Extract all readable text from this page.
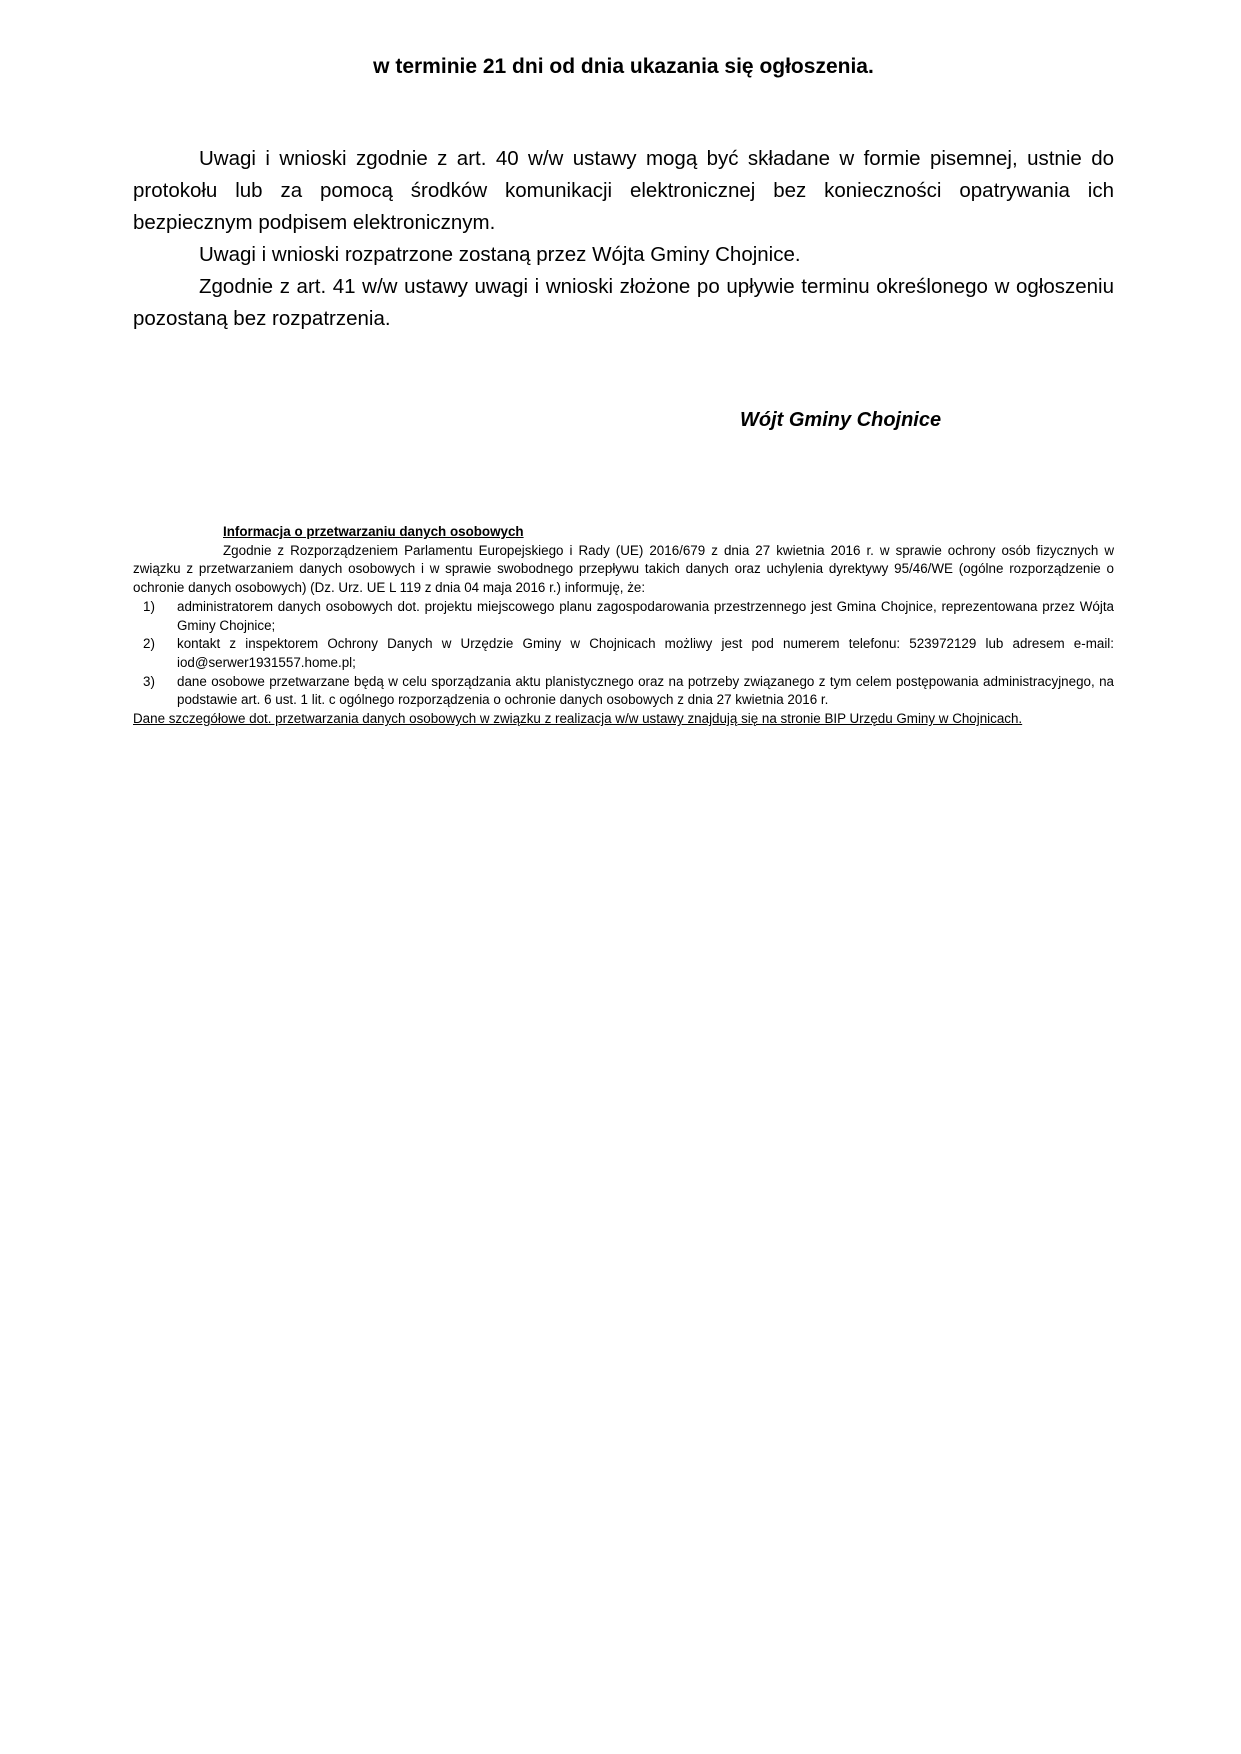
w terminie 21 dni od dnia ukazania się ogłoszenia.

Uwagi i wnioski zgodnie z art. 40 w/w ustawy mogą być składane w formie pisemnej, ustnie do protokołu lub za pomocą środków komunikacji elektronicznej bez konieczności opatrywania ich bezpiecznym podpisem elektronicznym.

Uwagi i wnioski rozpatrzone zostaną przez Wójta Gminy Chojnice.

Zgodnie z art. 41 w/w ustawy uwagi i wnioski złożone po upływie terminu określonego w ogłoszeniu pozostaną bez rozpatrzenia.

Wójt Gminy Chojnice
Informacja o przetwarzaniu danych osobowych

Zgodnie z Rozporządzeniem Parlamentu Europejskiego i Rady (UE) 2016/679 z dnia 27 kwietnia 2016 r. w sprawie ochrony osób fizycznych w związku z przetwarzaniem danych osobowych i w sprawie swobodnego przepływu takich danych oraz uchylenia dyrektywy 95/46/WE (ogólne rozporządzenie o ochronie danych osobowych) (Dz. Urz. UE L 119 z dnia 04 maja 2016 r.) informuję, że:

1) administratorem danych osobowych dot. projektu miejscowego planu zagospodarowania przestrzennego jest Gmina Chojnice, reprezentowana przez Wójta Gminy Chojnice;
2) kontakt z inspektorem Ochrony Danych w Urzędzie Gminy w Chojnicach możliwy jest pod numerem telefonu: 523972129 lub adresem e-mail: iod@serwer1931557.home.pl;
3) dane osobowe przetwarzane będą w celu sporządzania aktu planistycznego oraz na potrzeby związanego z tym celem postępowania administracyjnego, na podstawie art. 6 ust. 1 lit. c ogólnego rozporządzenia o ochronie danych osobowych z dnia 27 kwietnia 2016 r.

Dane szczegółowe dot. przetwarzania danych osobowych w związku z realizacja w/w ustawy znajdują się na stronie BIP Urzędu Gminy w Chojnicach.
